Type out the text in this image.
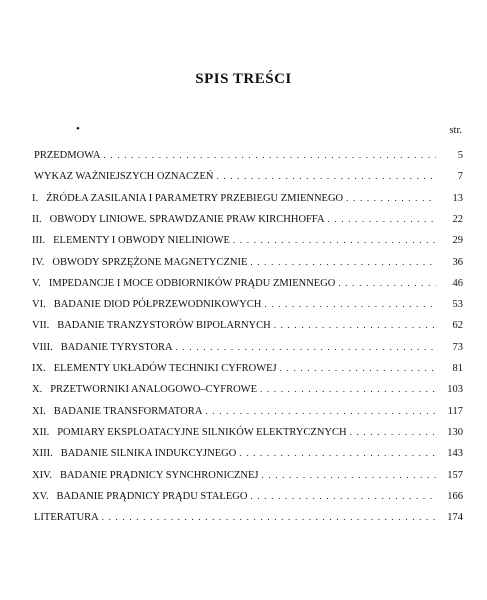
SPIS TREŚCI
•	str.
PRZEDMOWA . . .	5
WYKAZ WAŻNIEJSZYCH OZNACZEŃ . . .	7
I. ŹRÓDŁA ZASILANIA I PARAMETRY PRZEBIEGU ZMIENNEGO . . .	13
II. OBWODY LINIOWE. SPRAWDZANIE PRAW KIRCHHOFFA . . .	22
III. ELEMENTY I OBWODY NIELINIOWE . . .	29
IV. OBWODY SPRZĘŻONE MAGNETYCZNIE . . .	36
V. IMPEDANCJE I MOCE ODBIORNIKÓW PRĄDU ZMIENNEGO . . .	46
VI. BADANIE DIOD PÓŁPRZEWODNIKOWYCH . . .	53
VII. BADANIE TRANZYSTORÓW BIPOLARNYCH . . .	62
VIII. BADANIE TYRYSTORA . . .	73
IX. ELEMENTY UKŁADÓW TECHNIKI CYFROWEJ . . .	81
X. PRZETWORNIKI ANALOGOWO–CYFROWE . . .	103
XI. BADANIE TRANSFORMATORA . . .	117
XII. POMIARY EKSPLOATACYJNE SILNIKÓW ELEKTRYCZNYCH . . .	130
XIII. BADANIE SILNIKA INDUKCYJNEGO . . .	143
XIV. BADANIE PRĄDNICY SYNCHRONICZNEJ . . .	157
XV. BADANIE PRĄDNICY PRĄDU STAŁEGO . . .	166
LITERATURA . . .	174
